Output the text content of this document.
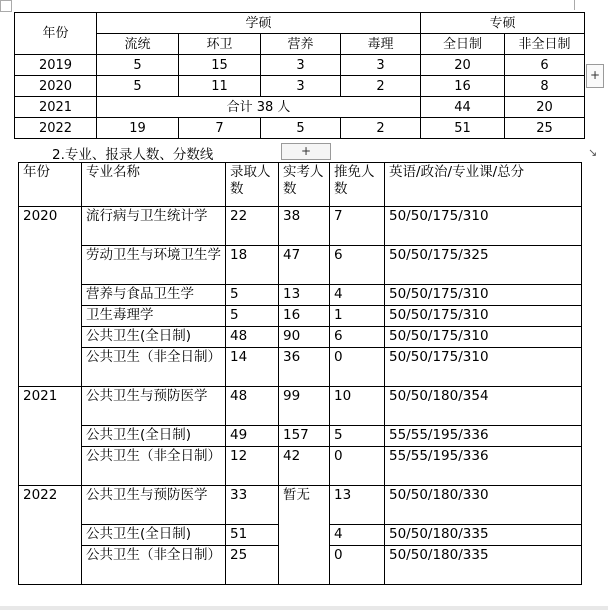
年份	学硕				专硕	
	流统	环卫	营养	毒理	全日制	非全日制
2019	5	15	3	3	20	6
2020	5	11	3	2	16	8
2021	合计 38 人				44	20
2022	19	7	5	2	51	25
+
2.专业、报录人数、分数线	+	↘
年份	专业名称	录取人数	实考人数	推免人数	英语/政治/专业课/总分
2020	流行病与卫生统计学	22	38	7	50/50/175/310
	劳动卫生与环境卫生学	18	47	6	50/50/175/325
	营养与食品卫生学	5	13	4	50/50/175/310
	卫生毒理学	5	16	1	50/50/175/310
	公共卫生(全日制)	48	90	6	50/50/175/310
	公共卫生（非全日制）	14	36	0	50/50/175/310
2021	公共卫生与预防医学	48	99	10	50/50/180/354
	公共卫生(全日制)	49	157	5	55/55/195/336
	公共卫生（非全日制）	12	42	0	55/55/195/336
2022	公共卫生与预防医学	33	暂无	13	50/50/180/330
	公共卫生(全日制)	51		4	50/50/180/335
	公共卫生（非全日制）	25		0	50/50/180/335
